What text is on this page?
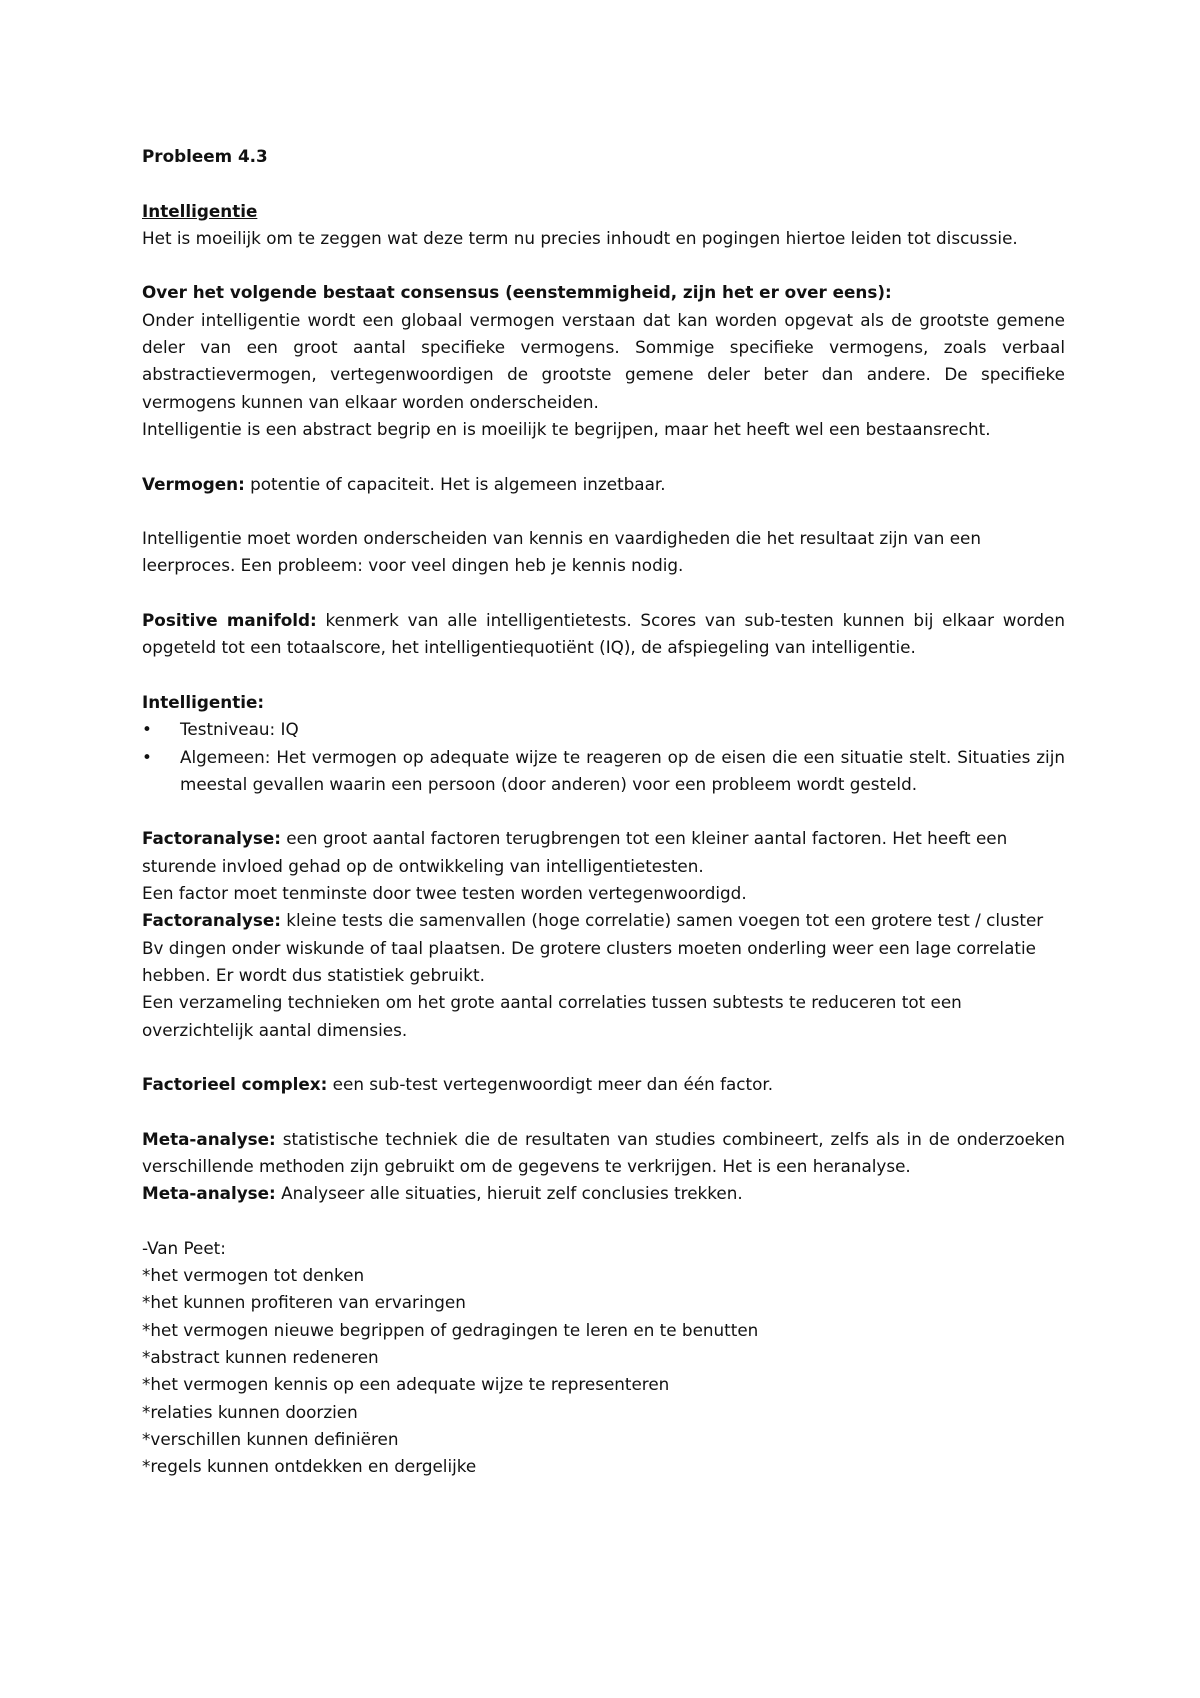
Probleem 4.3

Intelligentie

Het is moeilijk om te zeggen wat deze term nu precies inhoudt en pogingen hiertoe leiden tot discussie.

Over het volgende bestaat consensus (eenstemmigheid, zijn het er over eens):

Onder intelligentie wordt een globaal vermogen verstaan dat kan worden opgevat als de grootste gemene deler van een groot aantal specifieke vermogens. Sommige specifieke vermogens, zoals verbaal abstractievermogen, vertegenwoordigen de grootste gemene deler beter dan andere. De specifieke vermogens kunnen van elkaar worden onderscheiden.

Intelligentie is een abstract begrip en is moeilijk te begrijpen, maar het heeft wel een bestaansrecht.

Vermogen: potentie of capaciteit. Het is algemeen inzetbaar.

Intelligentie moet worden onderscheiden van kennis en vaardigheden die het resultaat zijn van een leerproces. Een probleem: voor veel dingen heb je kennis nodig.

Positive manifold: kenmerk van alle intelligentietests. Scores van sub-testen kunnen bij elkaar worden opgeteld tot een totaalscore, het intelligentiequotiënt (IQ), de afspiegeling van intelligentie.

Intelligentie:

•	Testniveau: IQ
•	Algemeen: Het vermogen op adequate wijze te reageren op de eisen die een situatie stelt. Situaties zijn meestal gevallen waarin een persoon (door anderen) voor een probleem wordt gesteld.

Factoranalyse: een groot aantal factoren terugbrengen tot een kleiner aantal factoren. Het heeft een sturende invloed gehad op de ontwikkeling van intelligentietesten.

Een factor moet tenminste door twee testen worden vertegenwoordigd.

Factoranalyse: kleine tests die samenvallen (hoge correlatie) samen voegen tot een grotere test / cluster Bv dingen onder wiskunde of taal plaatsen. De grotere clusters moeten onderling weer een lage correlatie hebben. Er wordt dus statistiek gebruikt.

Een verzameling technieken om het grote aantal correlaties tussen subtests te reduceren tot een overzichtelijk aantal dimensies.

Factorieel complex: een sub-test vertegenwoordigt meer dan één factor.

Meta-analyse: statistische techniek die de resultaten van studies combineert, zelfs als in de onderzoeken verschillende methoden zijn gebruikt om de gegevens te verkrijgen. Het is een heranalyse.

Meta-analyse: Analyseer alle situaties, hieruit zelf conclusies trekken.

-Van Peet:

*het vermogen tot denken

*het kunnen profiteren van ervaringen

*het vermogen nieuwe begrippen of gedragingen te leren en te benutten

*abstract kunnen redeneren

*het vermogen kennis op een adequate wijze te representeren

*relaties kunnen doorzien

*verschillen kunnen definiëren

*regels kunnen ontdekken en dergelijke
